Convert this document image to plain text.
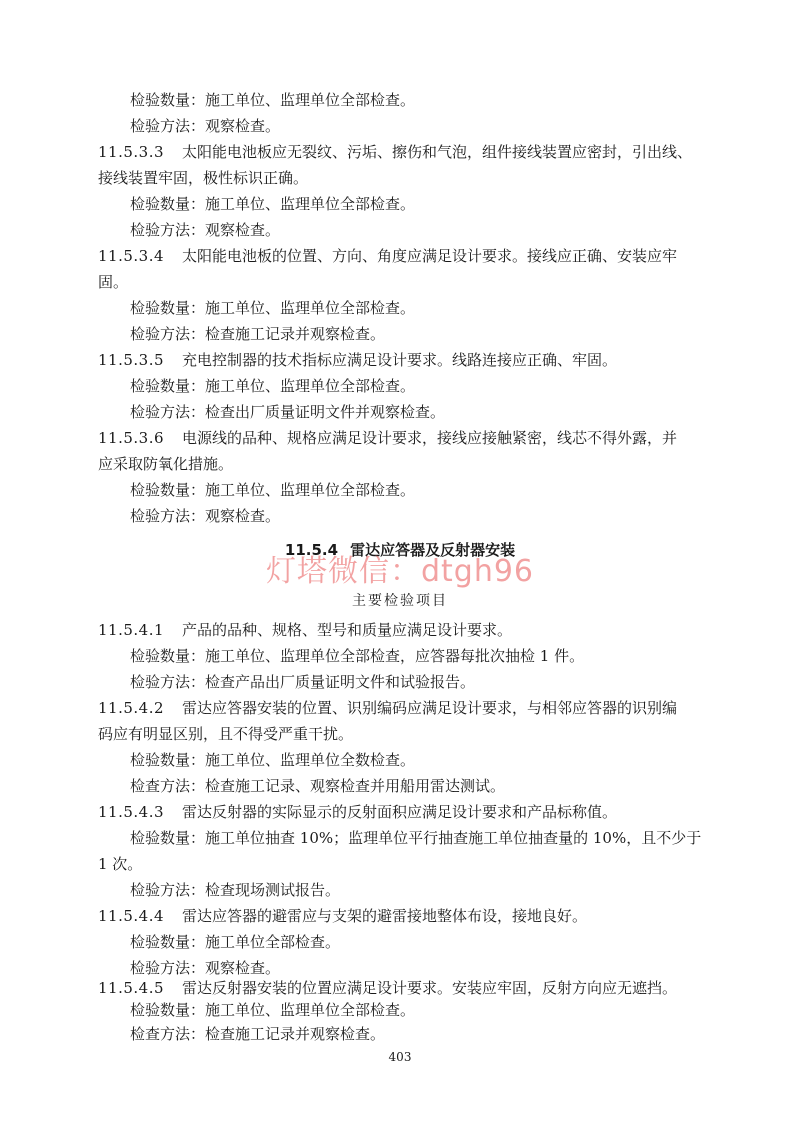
检验数量：施工单位、监理单位全部检查。
检验方法：观察检查。
11.5.3.3 太阳能电池板应无裂纹、污垢、擦伤和气泡，组件接线装置应密封，引出线、
接线装置牢固，极性标识正确。
检验数量：施工单位、监理单位全部检查。
检验方法：观察检查。
11.5.3.4 太阳能电池板的位置、方向、角度应满足设计要求。接线应正确、安装应牢
固。
检验数量：施工单位、监理单位全部检查。
检验方法：检查施工记录并观察检查。
11.5.3.5 充电控制器的技术指标应满足设计要求。线路连接应正确、牢固。
检验数量：施工单位、监理单位全部检查。
检验方法：检查出厂质量证明文件并观察检查。
11.5.3.6 电源线的品种、规格应满足设计要求，接线应接触紧密，线芯不得外露，并
应采取防氧化措施。
检验数量：施工单位、监理单位全部检查。
检验方法：观察检查。
11.5.4 雷达应答器及反射器安装
灯塔微信：dtgh96
主要检验项目
11.5.4.1 产品的品种、规格、型号和质量应满足设计要求。
检验数量：施工单位、监理单位全部检查，应答器每批次抽检 1 件。
检验方法：检查产品出厂质量证明文件和试验报告。
11.5.4.2 雷达应答器安装的位置、识别编码应满足设计要求，与相邻应答器的识别编
码应有明显区别，且不得受严重干扰。
检验数量：施工单位、监理单位全数检查。
检查方法：检查施工记录、观察检查并用船用雷达测试。
11.5.4.3 雷达反射器的实际显示的反射面积应满足设计要求和产品标称值。
检验数量：施工单位抽查 10%；监理单位平行抽查施工单位抽查量的 10%，且不少于
1 次。
检验方法：检查现场测试报告。
11.5.4.4 雷达应答器的避雷应与支架的避雷接地整体布设，接地良好。
检验数量：施工单位全部检查。
检验方法：观察检查。
11.5.4.5 雷达反射器安装的位置应满足设计要求。安装应牢固，反射方向应无遮挡。
检验数量：施工单位、监理单位全部检查。
检查方法：检查施工记录并观察检查。
403
